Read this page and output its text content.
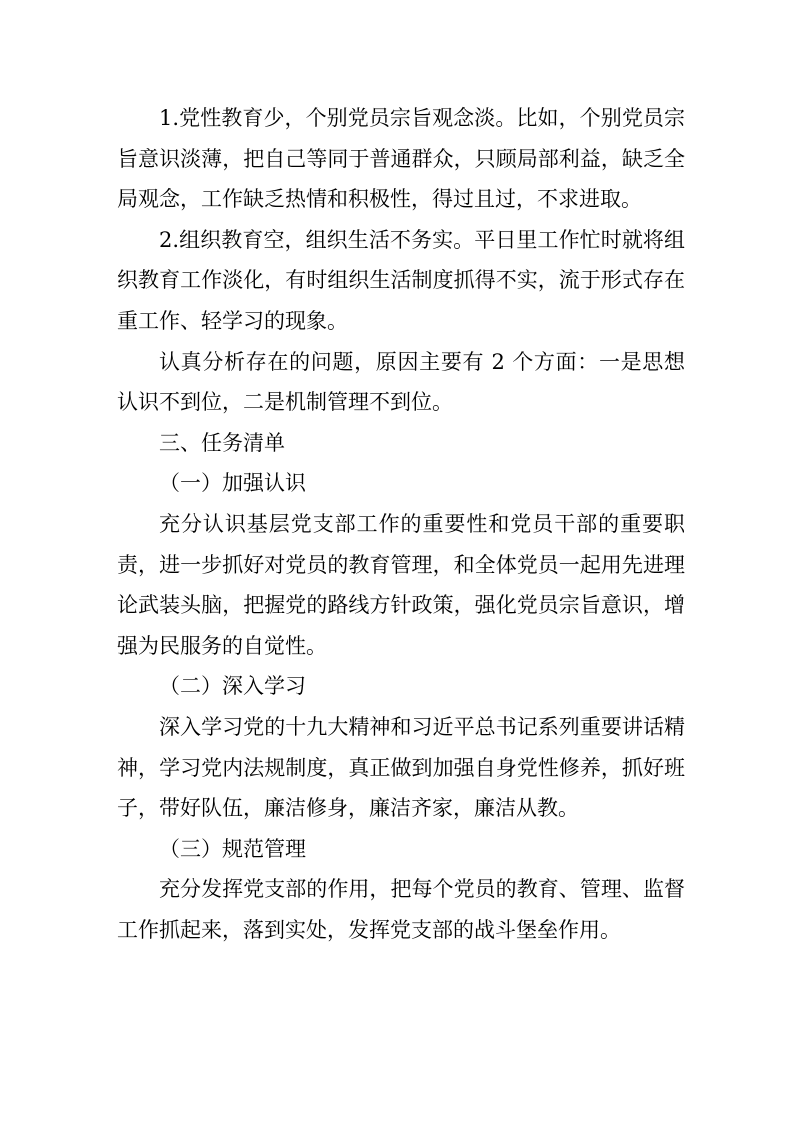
1.党性教育少，个别党员宗旨观念淡。比如，个别党员宗旨意识淡薄，把自己等同于普通群众，只顾局部利益，缺乏全局观念，工作缺乏热情和积极性，得过且过，不求进取。

2.组织教育空，组织生活不务实。平日里工作忙时就将组织教育工作淡化，有时组织生活制度抓得不实，流于形式存在重工作、轻学习的现象。

认真分析存在的问题，原因主要有 2 个方面：一是思想认识不到位，二是机制管理不到位。

三、任务清单

（一）加强认识

充分认识基层党支部工作的重要性和党员干部的重要职责，进一步抓好对党员的教育管理，和全体党员一起用先进理论武装头脑，把握党的路线方针政策，强化党员宗旨意识，增强为民服务的自觉性。

（二）深入学习

深入学习党的十九大精神和习近平总书记系列重要讲话精神，学习党内法规制度，真正做到加强自身党性修养，抓好班子，带好队伍，廉洁修身，廉洁齐家，廉洁从教。

（三）规范管理

充分发挥党支部的作用，把每个党员的教育、管理、监督工作抓起来，落到实处，发挥党支部的战斗堡垒作用。
